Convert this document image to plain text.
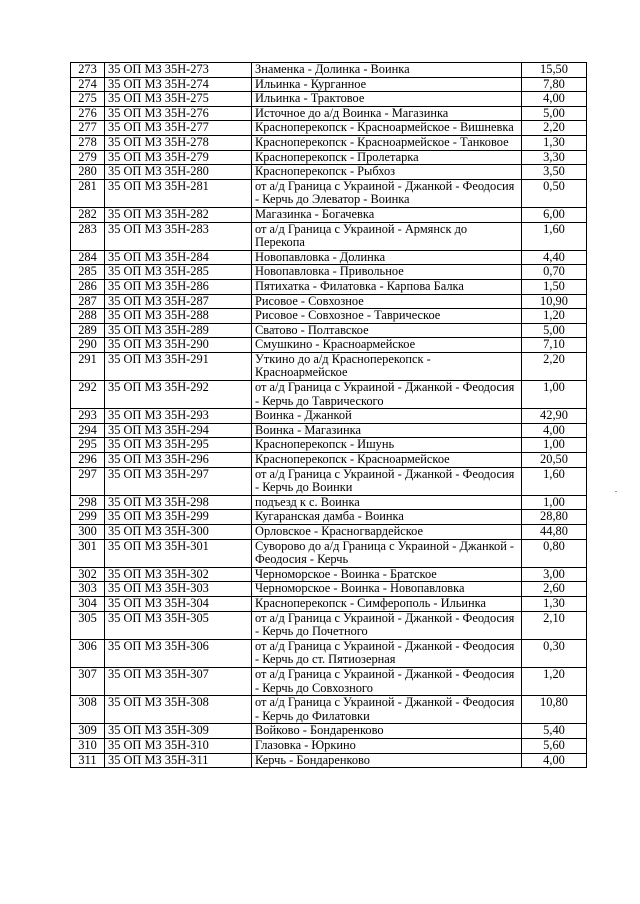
273	35 ОП МЗ 35Н-273	Знаменка - Долинка - Воинка	15,50
274	35 ОП МЗ 35Н-274	Ильинка - Курганное	7,80
275	35 ОП МЗ 35Н-275	Ильинка - Трактовое	4,00
276	35 ОП МЗ 35Н-276	Источное до а/д Воинка - Магазинка	5,00
277	35 ОП МЗ 35Н-277	Красноперекопск - Красноармейское - Вишневка	2,20
278	35 ОП МЗ 35Н-278	Красноперекопск - Красноармейское - Танковое	1,30
279	35 ОП МЗ 35Н-279	Красноперекопск - Пролетарка	3,30
280	35 ОП МЗ 35Н-280	Красноперекопск - Рыбхоз	3,50
281	35 ОП МЗ 35Н-281	от а/д Граница с Украиной - Джанкой - Феодосия - Керчь до Элеватор - Воинка	0,50
282	35 ОП МЗ 35Н-282	Магазинка - Богачевка	6,00
283	35 ОП МЗ 35Н-283	от а/д Граница с Украиной - Армянск до Перекопа	1,60
284	35 ОП МЗ 35Н-284	Новопавловка - Долинка	4,40
285	35 ОП МЗ 35Н-285	Новопавловка - Привольное	0,70
286	35 ОП МЗ 35Н-286	Пятихатка - Филатовка - Карпова Балка	1,50
287	35 ОП МЗ 35Н-287	Рисовое - Совхозное	10,90
288	35 ОП МЗ 35Н-288	Рисовое - Совхозное - Таврическое	1,20
289	35 ОП МЗ 35Н-289	Сватово - Полтавское	5,00
290	35 ОП МЗ 35Н-290	Смушкино - Красноармейское	7,10
291	35 ОП МЗ 35Н-291	Уткино до а/д Красноперекопск - Красноармейское	2,20
292	35 ОП МЗ 35Н-292	от а/д Граница с Украиной - Джанкой - Феодосия - Керчь до Таврического	1,00
293	35 ОП МЗ 35Н-293	Воинка - Джанкой	42,90
294	35 ОП МЗ 35Н-294	Воинка - Магазинка	4,00
295	35 ОП МЗ 35Н-295	Красноперекопск - Ишунь	1,00
296	35 ОП МЗ 35Н-296	Красноперекопск - Красноармейское	20,50
297	35 ОП МЗ 35Н-297	от а/д Граница с Украиной - Джанкой - Феодосия - Керчь до Воинки	1,60
298	35 ОП МЗ 35Н-298	подъезд к с. Воинка	1,00
299	35 ОП МЗ 35Н-299	Кугаранская дамба - Воинка	28,80
300	35 ОП МЗ 35Н-300	Орловское - Красногвардейское	44,80
301	35 ОП МЗ 35Н-301	Суворово до а/д Граница с Украиной - Джанкой - Феодосия - Керчь	0,80
302	35 ОП МЗ 35Н-302	Черноморское - Воинка - Братское	3,00
303	35 ОП МЗ 35Н-303	Черноморское - Воинка - Новопавловка	2,60
304	35 ОП МЗ 35Н-304	Красноперекопск - Симферополь - Ильинка	1,30
305	35 ОП МЗ 35Н-305	от а/д Граница с Украиной - Джанкой - Феодосия - Керчь до Почетного	2,10
306	35 ОП МЗ 35Н-306	от а/д Граница с Украиной - Джанкой - Феодосия - Керчь до ст. Пятиозерная	0,30
307	35 ОП МЗ 35Н-307	от а/д Граница с Украиной - Джанкой - Феодосия - Керчь до Совхозного	1,20
308	35 ОП МЗ 35Н-308	от а/д Граница с Украиной - Джанкой - Феодосия - Керчь до Филатовки	10,80
309	35 ОП МЗ 35Н-309	Войково - Бондаренково	5,40
310	35 ОП МЗ 35Н-310	Глазовка - Юркино	5,60
311	35 ОП МЗ 35Н-311	Керчь - Бондаренково	4,00
